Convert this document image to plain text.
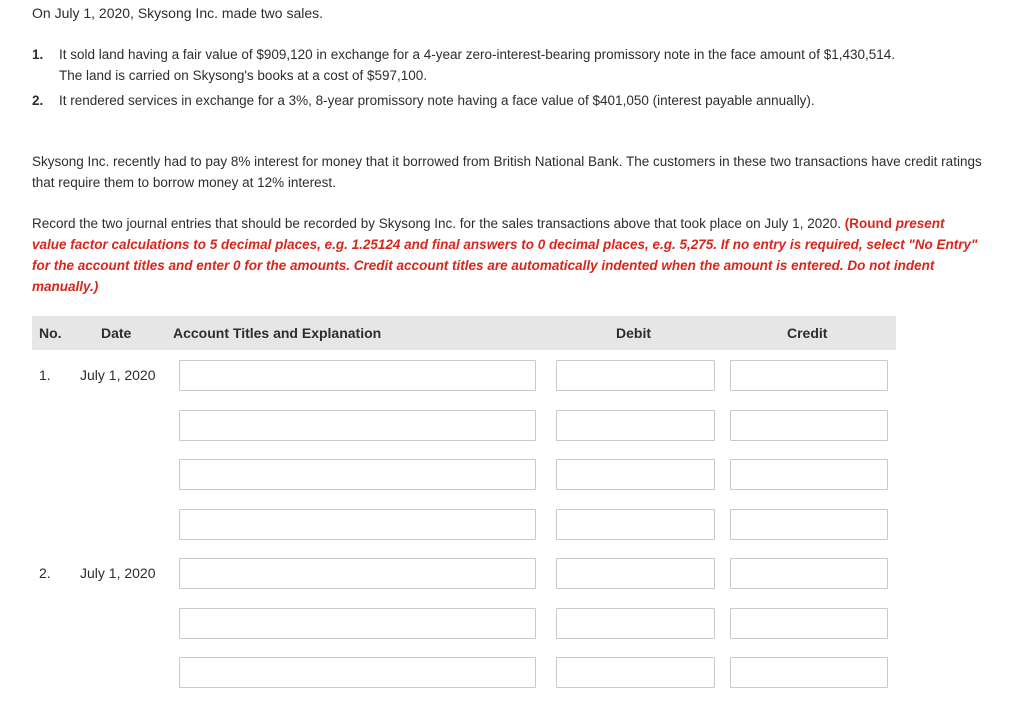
On July 1, 2020, Skysong Inc. made two sales.
1. It sold land having a fair value of $909,120 in exchange for a 4-year zero-interest-bearing promissory note in the face amount of $1,430,514.
The land is carried on Skysong's books at a cost of $597,100.
2. It rendered services in exchange for a 3%, 8-year promissory note having a face value of $401,050 (interest payable annually).
Skysong Inc. recently had to pay 8% interest for money that it borrowed from British National Bank. The customers in these two transactions have credit ratings that require them to borrow money at 12% interest.
Record the two journal entries that should be recorded by Skysong Inc. for the sales transactions above that took place on July 1, 2020. (Round present value factor calculations to 5 decimal places, e.g. 1.25124 and final answers to 0 decimal places, e.g. 5,275. If no entry is required, select "No Entry" for the account titles and enter 0 for the amounts. Credit account titles are automatically indented when the amount is entered. Do not indent manually.)
No.	Date	Account Titles and Explanation	Debit	Credit
1. July 1, 2020
2. July 1, 2020
